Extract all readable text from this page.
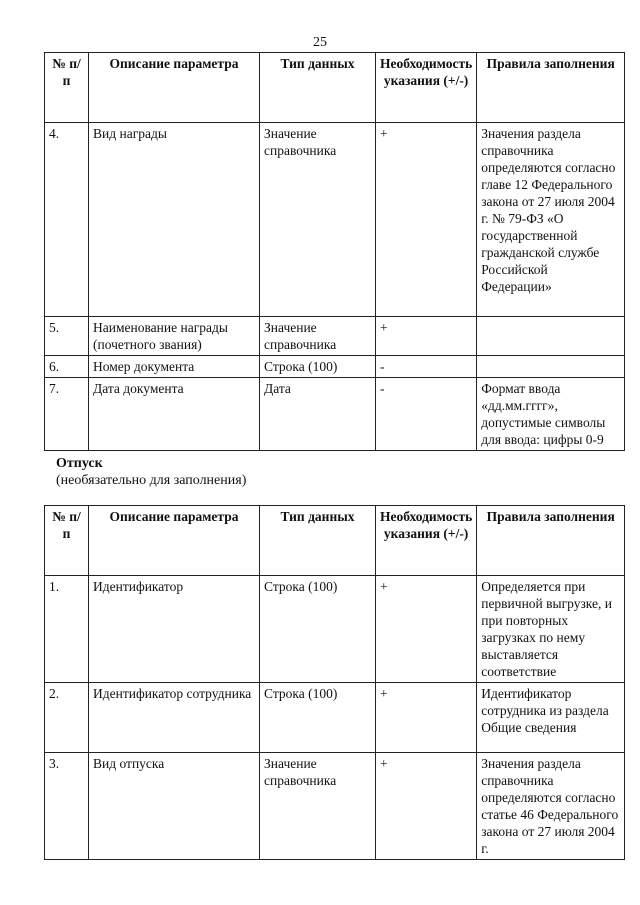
25
№ п/п	Описание параметра	Тип данных	Необходимость указания (+/-)	Правила заполнения
4.	Вид награды	Значение справочника	+	Значения раздела справочника определяются согласно главе 12 Федерального закона от 27 июля 2004 г. № 79-ФЗ «О государственной гражданской службе Российской Федерации»
5.	Наименование награды (почетного звания)	Значение справочника	+	
6.	Номер документа	Строка (100)	-	
7.	Дата документа	Дата	-	Формат ввода «дд.мм.гггг», допустимые символы для ввода: цифры 0-9
Отпуск
(необязательно для заполнения)
№ п/п	Описание параметра	Тип данных	Необходимость указания (+/-)	Правила заполнения
1.	Идентификатор	Строка (100)	+	Определяется при первичной выгрузке, и при повторных загрузках по нему выставляется соответствие
2.	Идентификатор сотрудника	Строка (100)	+	Идентификатор сотрудника из раздела Общие сведения
3.	Вид отпуска	Значение справочника	+	Значения раздела справочника определяются согласно статье 46 Федерального закона от 27 июля 2004 г.
